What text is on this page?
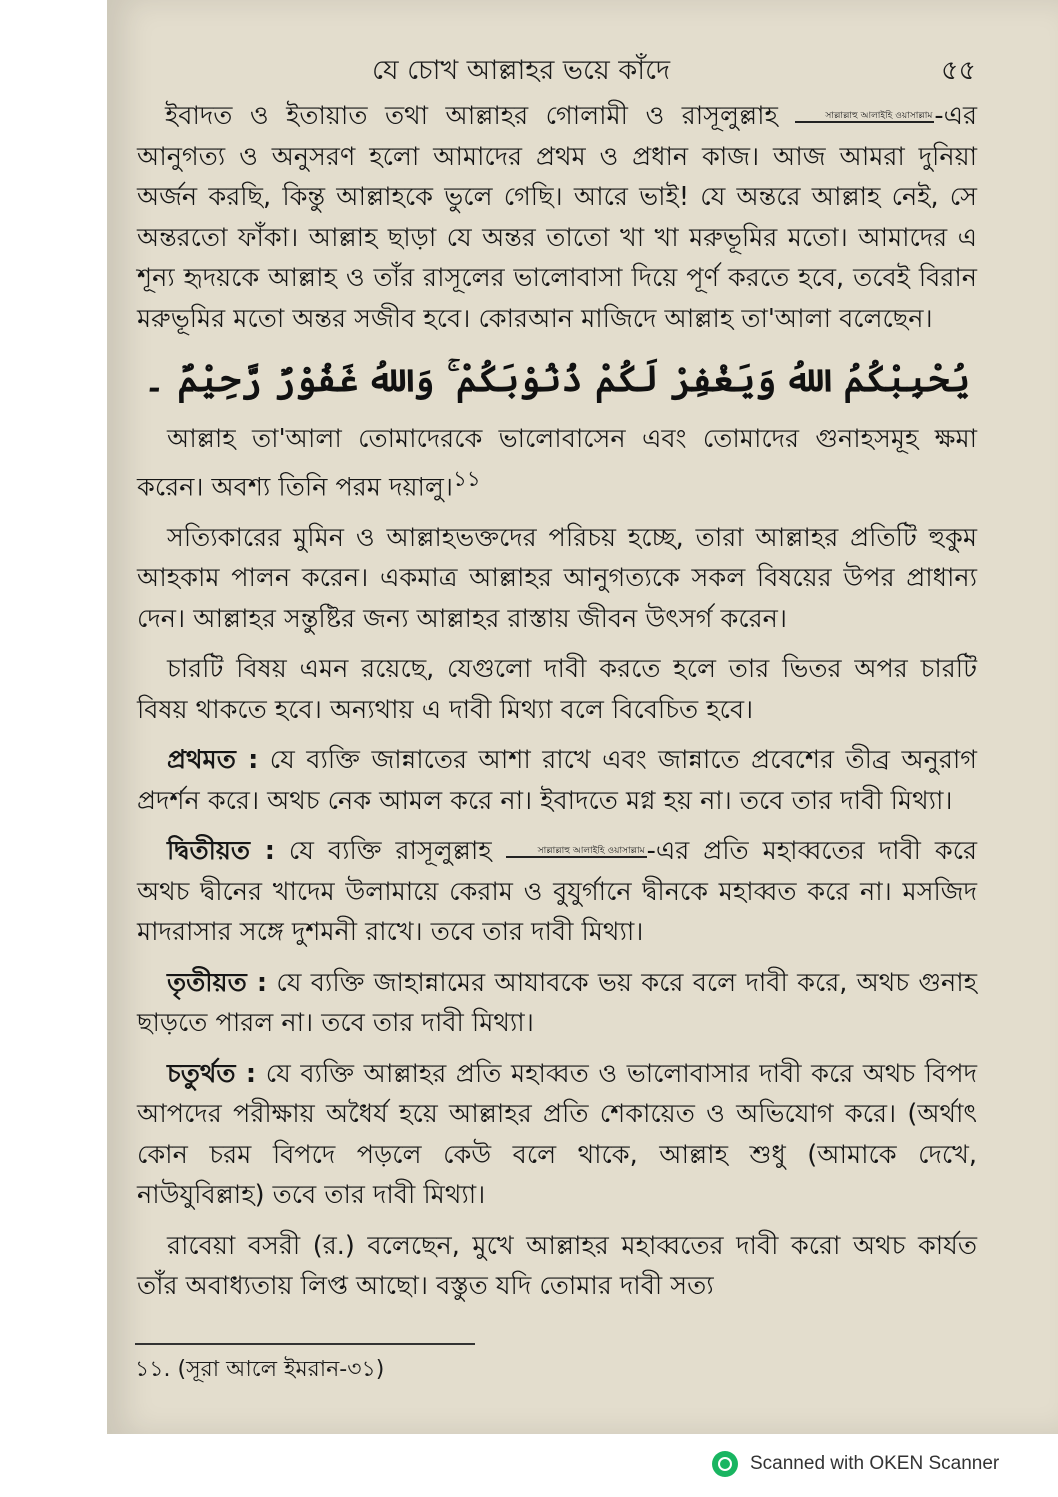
যে চোখ আল্লাহর ভয়ে কাঁদে	৫৫

ইবাদত ও ইতায়াত তথা আল্লাহর গোলামী ও রাসূলুল্লাহ	সাল্লাল্লাহু আলাইহি ওয়াসাল্লাম-এর আনুগত্য ও অনুসরণ হলো আমাদের প্রথম ও প্রধান কাজ। আজ আমরা দুনিয়া অর্জন করছি, কিন্তু আল্লাহকে ভুলে গেছি। আরে ভাই! যে অন্তরে আল্লাহ নেই, সে অন্তরতো ফাঁকা। আল্লাহ ছাড়া যে অন্তর তাতো খা খা মরুভূমির মতো। আমাদের এ শূন্য হৃদয়কে আল্লাহ ও তাঁর রাসূলের ভালোবাসা দিয়ে পূর্ণ করতে হবে, তবেই বিরান মরুভূমির মতো অন্তর সজীব হবে। কোরআন মাজিদে আল্লাহ তা'আলা বলেছেন।

يُحْبِبْكُمُ اللهُ وَيَغْفِرْ لَكُمْ ذُنُوْبَكُمْ ۚ وَاللهُ غَفُوْرٌ رَّحِيْمٌ ۔

আল্লাহ তা'আলা তোমাদেরকে ভালোবাসেন এবং তোমাদের গুনাহসমূহ ক্ষমা করেন। অবশ্য তিনি পরম দয়ালু।$^{১১}$

সত্যিকারের মুমিন ও আল্লাহভক্তদের পরিচয় হচ্ছে, তারা আল্লাহর প্রতিটি হুকুম আহকাম পালন করেন। একমাত্র আল্লাহর আনুগত্যকে সকল বিষয়ের উপর প্রাধান্য দেন। আল্লাহর সন্তুষ্টির জন্য আল্লাহর রাস্তায় জীবন উৎসর্গ করেন।

চারটি বিষয় এমন রয়েছে, যেগুলো দাবী করতে হলে তার ভিতর অপর চারটি বিষয় থাকতে হবে। অন্যথায় এ দাবী মিথ্যা বলে বিবেচিত হবে।

প্রথমত : যে ব্যক্তি জান্নাতের আশা রাখে এবং জান্নাতে প্রবেশের তীব্র অনুরাগ প্রদর্শন করে। অথচ নেক আমল করে না। ইবাদতে মগ্ন হয় না। তবে তার দাবী মিথ্যা।

দ্বিতীয়ত : যে ব্যক্তি রাসূলুল্লাহ	সাল্লাল্লাহু আলাইহি ওয়াসাল্লাম-এর প্রতি মহাব্বতের দাবী করে অথচ দ্বীনের খাদেম উলামায়ে কেরাম ও বুযুর্গানে দ্বীনকে মহাব্বত করে না। মসজিদ মাদরাসার সঙ্গে দুশমনী রাখে। তবে তার দাবী মিথ্যা।

তৃতীয়ত : যে ব্যক্তি জাহান্নামের আযাবকে ভয় করে বলে দাবী করে, অথচ গুনাহ ছাড়তে পারল না। তবে তার দাবী মিথ্যা।

চতুর্থত : যে ব্যক্তি আল্লাহর প্রতি মহাব্বত ও ভালোবাসার দাবী করে অথচ বিপদ আপদের পরীক্ষায় অধৈর্য হয়ে আল্লাহর প্রতি শেকায়েত ও অভিযোগ করে। (অর্থাৎ কোন চরম বিপদে পড়লে কেউ বলে থাকে, আল্লাহ শুধু (আমাকে দেখে, নাউযুবিল্লাহ) তবে তার দাবী মিথ্যা।

রাবেয়া বসরী (র.) বলেছেন, মুখে আল্লাহর মহাব্বতের দাবী করো অথচ কার্যত তাঁর অবাধ্যতায় লিপ্ত আছো। বস্তুত যদি তোমার দাবী সত্য

১১. (সূরা আলে ইমরান-৩১)
Scanned with OKEN Scanner
